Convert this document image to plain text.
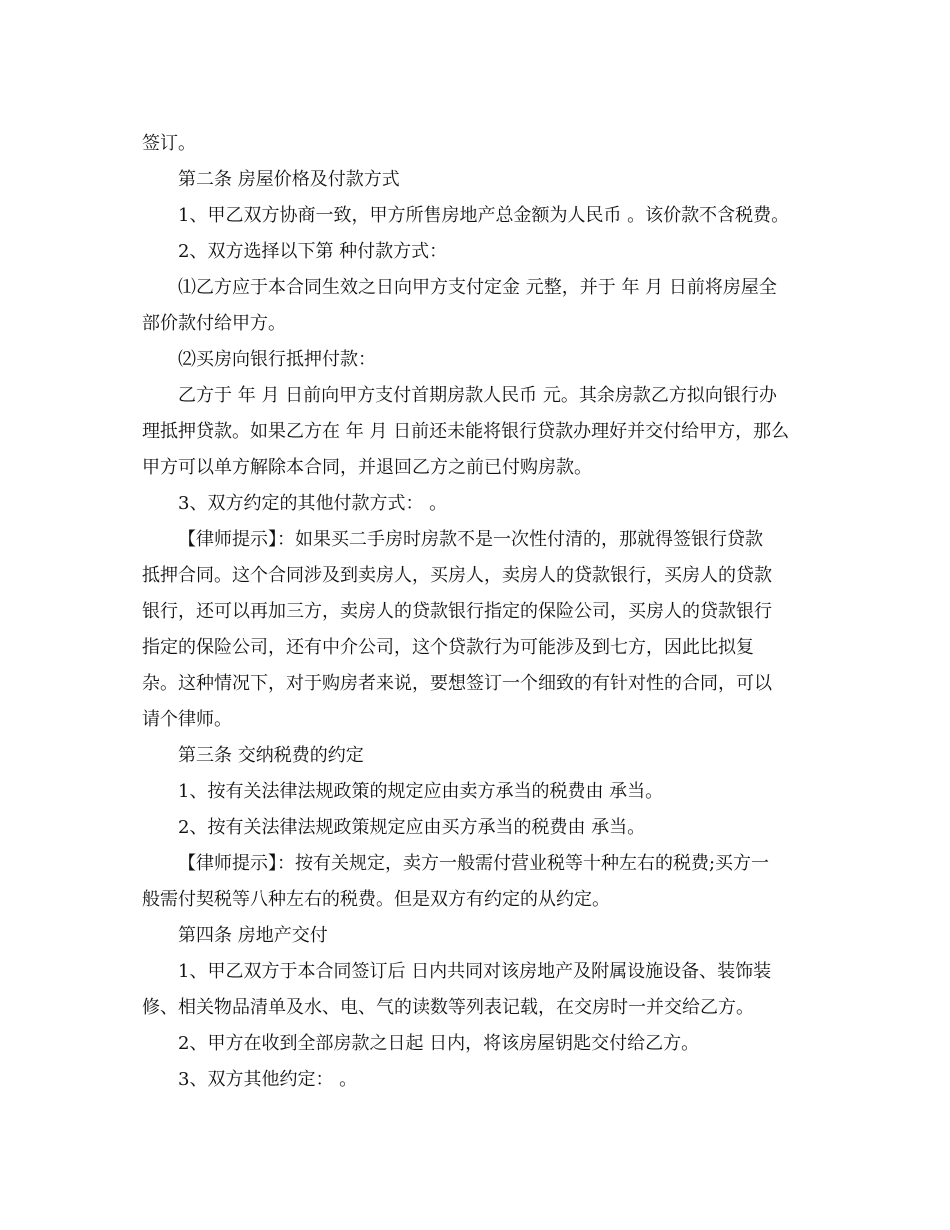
签订。
第二条 房屋价格及付款方式
1、甲乙双方协商一致，甲方所售房地产总金额为人民币 。该价款不含税费。
2、双方选择以下第 种付款方式：
⑴乙方应于本合同生效之日向甲方支付定金 元整，并于 年 月 日前将房屋全
部价款付给甲方。
⑵买房向银行抵押付款：
乙方于 年 月 日前向甲方支付首期房款人民币 元。其余房款乙方拟向银行办
理抵押贷款。如果乙方在 年 月 日前还未能将银行贷款办理好并交付给甲方，那么
甲方可以单方解除本合同，并退回乙方之前已付购房款。
3、双方约定的其他付款方式： 。
【律师提示】：如果买二手房时房款不是一次性付清的，那就得签银行贷款
抵押合同。这个合同涉及到卖房人，买房人，卖房人的贷款银行，买房人的贷款
银行，还可以再加三方，卖房人的贷款银行指定的保险公司，买房人的贷款银行
指定的保险公司，还有中介公司，这个贷款行为可能涉及到七方，因此比拟复
杂。这种情况下，对于购房者来说，要想签订一个细致的有针对性的合同，可以
请个律师。
第三条 交纳税费的约定
1、按有关法律法规政策的规定应由卖方承当的税费由 承当。
2、按有关法律法规政策规定应由买方承当的税费由 承当。
【律师提示】：按有关规定，卖方一般需付营业税等十种左右的税费;买方一
般需付契税等八种左右的税费。但是双方有约定的从约定。
第四条 房地产交付
1、甲乙双方于本合同签订后 日内共同对该房地产及附属设施设备、装饰装
修、相关物品清单及水、电、气的读数等列表记载，在交房时一并交给乙方。
2、甲方在收到全部房款之日起 日内，将该房屋钥匙交付给乙方。
3、双方其他约定： 。
